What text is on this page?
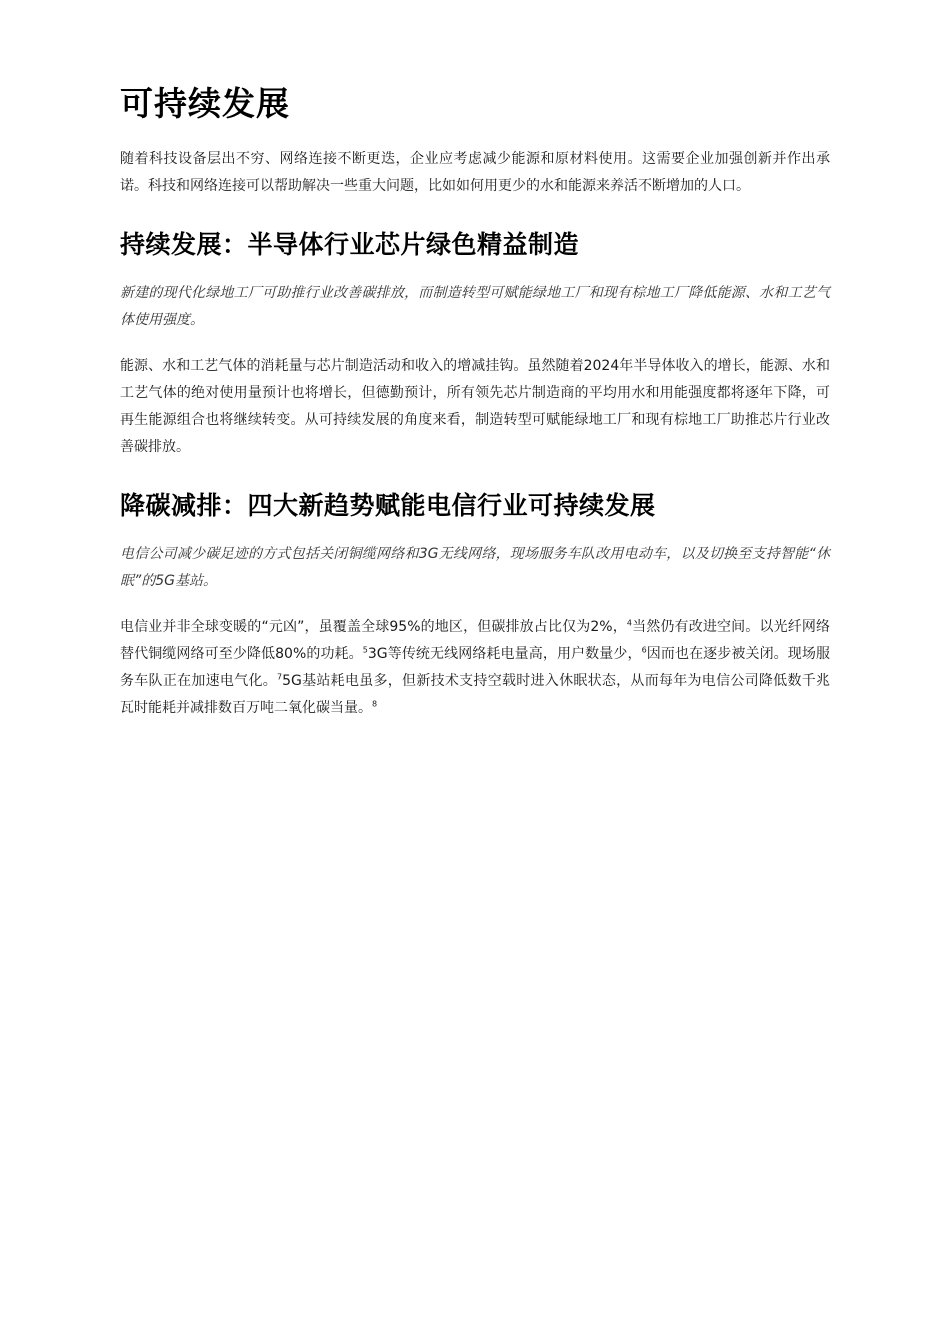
可持续发展

随着科技设备层出不穷、网络连接不断更迭，企业应考虑减少能源和原材料使用。这需要企业加强创新并作出承诺。科技和网络连接可以帮助解决一些重大问题，比如如何用更少的水和能源来养活不断增加的人口。

持续发展：半导体行业芯片绿色精益制造

新建的现代化绿地工厂可助推行业改善碳排放，而制造转型可赋能绿地工厂和现有棕地工厂降低能源、水和工艺气体使用强度。

能源、水和工艺气体的消耗量与芯片制造活动和收入的增减挂钩。虽然随着2024年半导体收入的增长，能源、水和工艺气体的绝对使用量预计也将增长，但德勤预计，所有领先芯片制造商的平均用水和用能强度都将逐年下降，可再生能源组合也将继续转变。从可持续发展的角度来看，制造转型可赋能绿地工厂和现有棕地工厂助推芯片行业改善碳排放。

降碳减排：四大新趋势赋能电信行业可持续发展

电信公司减少碳足迹的方式包括关闭铜缆网络和3G无线网络，现场服务车队改用电动车，以及切换至支持智能“休眠”的5G基站。

电信业并非全球变暖的“元凶”，虽覆盖全球95%的地区，但碳排放占比仅为2%，$^4$当然仍有改进空间。以光纤网络替代铜缆网络可至少降低80%的功耗。$^5$3G等传统无线网络耗电量高，用户数量少，$^6$因而也在逐步被关闭。现场服务车队正在加速电气化。$^7$5G基站耗电虽多，但新技术支持空载时进入休眠状态，从而每年为电信公司降低数千兆瓦时能耗并减排数百万吨二氧化碳当量。$^8$
